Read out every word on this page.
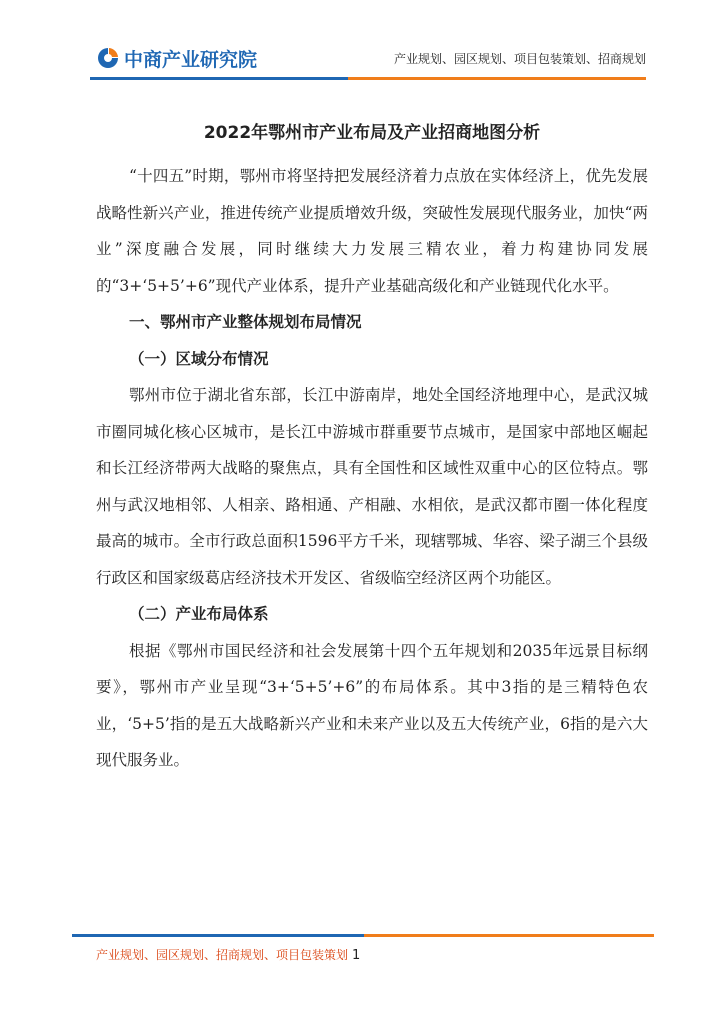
中商产业研究院	产业规划、园区规划、项目包装策划、招商规划
2022年鄂州市产业布局及产业招商地图分析

“十四五”时期，鄂州市将坚持把发展经济着力点放在实体经济上，优先发展战略性新兴产业，推进传统产业提质增效升级，突破性发展现代服务业，加快“两业”深度融合发展，同时继续大力发展三精农业，着力构建协同发展的“3+‘5+5’+6”现代产业体系，提升产业基础高级化和产业链现代化水平。

一、鄂州市产业整体规划布局情况
（一）区域分布情况

鄂州市位于湖北省东部，长江中游南岸，地处全国经济地理中心，是武汉城市圈同城化核心区城市，是长江中游城市群重要节点城市，是国家中部地区崛起和长江经济带两大战略的聚焦点，具有全国性和区域性双重中心的区位特点。鄂州与武汉地相邻、人相亲、路相通、产相融、水相依，是武汉都市圈一体化程度最高的城市。全市行政总面积1596平方千米，现辖鄂城、华容、梁子湖三个县级行政区和国家级葛店经济技术开发区、省级临空经济区两个功能区。

（二）产业布局体系

根据《鄂州市国民经济和社会发展第十四个五年规划和2035年远景目标纲要》，鄂州市产业呈现“3+‘5+5’+6”的布局体系。其中3指的是三精特色农业，‘5+5’指的是五大战略新兴产业和未来产业以及五大传统产业，6指的是六大现代服务业。

产业规划、园区规划、招商规划、项目包装策划 1
